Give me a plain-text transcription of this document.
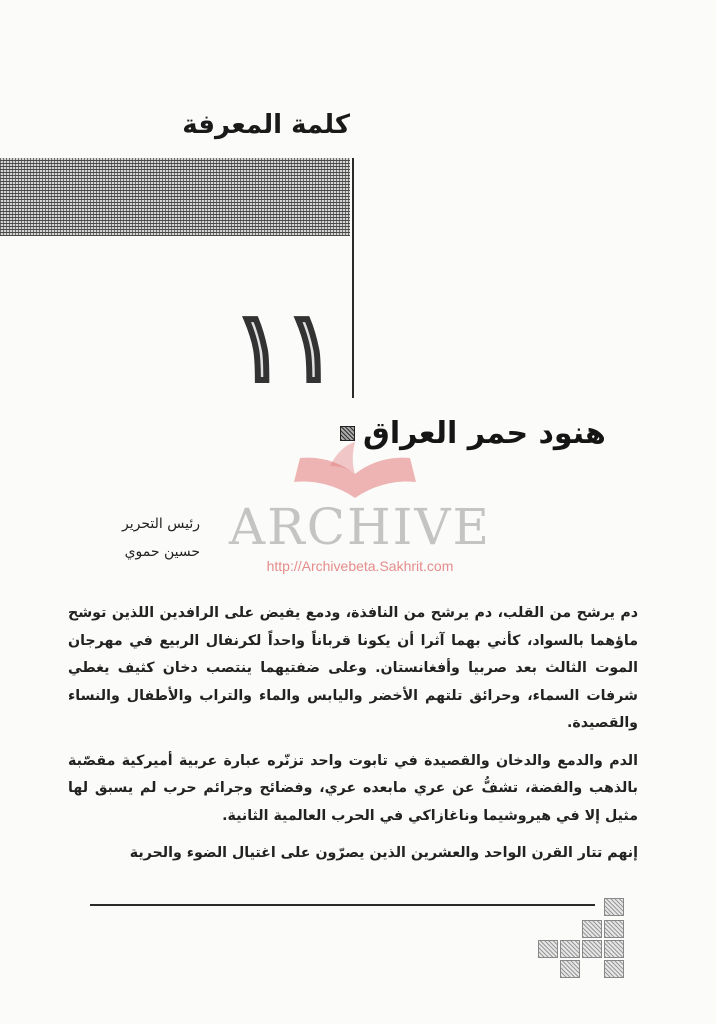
كلمة المعرفة
١١
هنود حمر العراق
ARCHIVE
http://Archivebeta.Sakhrit.com
رئيس التحرير
حسين حموي

دم يرشح من القلب، دم يرشح من النافذة، ودمع يفيض على الرافدين اللذين توشح ماؤهما بالسواد، كأني بهما آثرا أن يكونا قرباناً واحداً لكرنفال الربيع في مهرجان الموت الثالث بعد صربيا وأفغانستان. وعلى ضفتيهما ينتصب دخان كثيف يغطي شرفات السماء، وحرائق تلتهم الأخضر واليابس والماء والتراب والأطفال والنساء والقصيدة.

الدم والدمع والدخان والقصيدة في تابوت واحد تزنّره عبارة عربية أميركية مقصّبة بالذهب والفضة، تشفُّ عن عري مابعده عري، وفضائح وجرائم حرب لم يسبق لها مثيل إلا في هيروشيما وناغازاكي في الحرب العالمية الثانية.

إنهم تتار القرن الواحد والعشرين الذين يصرّون على اغتيال الضوء والحرية
